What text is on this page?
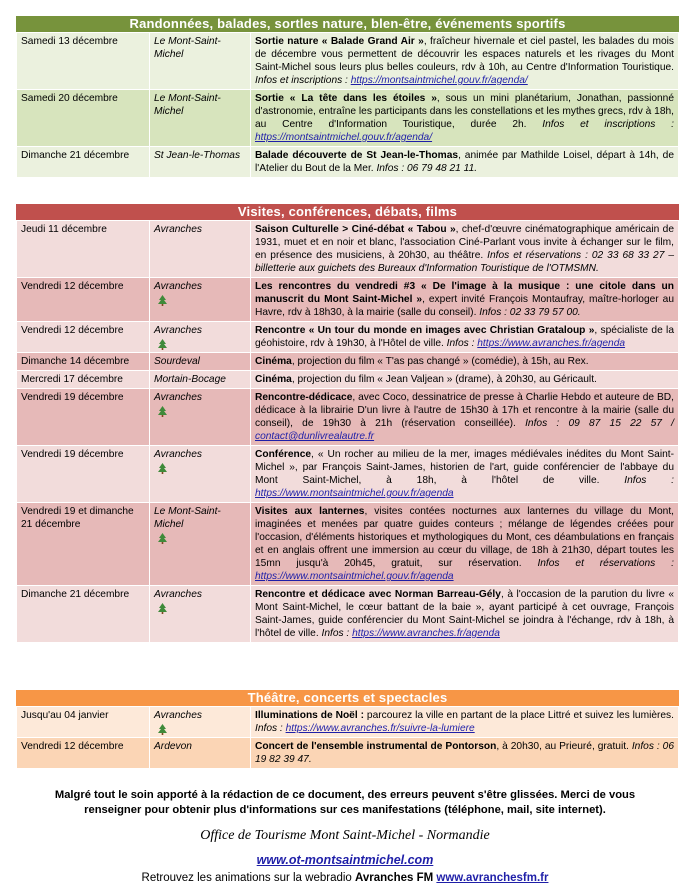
Randonnées, balades, sortles nature, blen-être, événements sportifs
Samedi 13 décembre	Le Mont-Saint-Michel	Sortie nature « Balade Grand Air », fraîcheur hivernale et ciel pastel, les balades du mois de décembre vous permettent de découvrir les espaces naturels et les rivages du Mont Saint-Michel sous leurs plus belles couleurs, rdv à 10h, au Centre d'Information Touristique. Infos et inscriptions : https://montsaintmichel.gouv.fr/agenda/
Samedi 20 décembre	Le Mont-Saint-Michel	Sortie « La tête dans les étoiles », sous un mini planétarium, Jonathan, passionné d'astronomie, entraîne les participants dans les constellations et les mythes grecs, rdv à 18h, au Centre d'Information Touristique, durée 2h. Infos et inscriptions : https://montsaintmichel.gouv.fr/agenda/
Dimanche 21 décembre	St Jean-le-Thomas	Balade découverte de St Jean-le-Thomas, animée par Mathilde Loisel, départ à 14h, de l'Atelier du Bout de la Mer. Infos : 06 79 48 21 11.
Visites, conférences, débats, films
Jeudi 11 décembre	Avranches	Saison Culturelle > Ciné-débat « Tabou », chef-d'œuvre cinématographique américain de 1931, muet et en noir et blanc, l'association Ciné-Parlant vous invite à échanger sur le film, en présence des musiciens, à 20h30, au théâtre. Infos et réservations : 02 33 68 33 27 – billetterie aux guichets des Bureaux d'Information Touristique de l'OTMSMN.
Vendredi 12 décembre	Avranches	Les rencontres du vendredi #3 « De l'image à la musique : une citole dans un manuscrit du Mont Saint-Michel », expert invité François Montaufray, maître-horloger au Havre, rdv à 18h30, à la mairie (salle du conseil). Infos : 02 33 79 57 00.
Vendredi 12 décembre	Avranches	Rencontre « Un tour du monde en images avec Christian Grataloup », spécialiste de la géohistoire, rdv à 19h30, à l'Hôtel de ville. Infos : https://www.avranches.fr/agenda
Dimanche 14 décembre	Sourdeval	Cinéma, projection du film « T'as pas changé » (comédie), à 15h, au Rex.
Mercredi 17 décembre	Mortain-Bocage	Cinéma, projection du film « Jean Valjean » (drame), à 20h30, au Géricault.
Vendredi 19 décembre	Avranches	Rencontre-dédicace, avec Coco, dessinatrice de presse à Charlie Hebdo et auteure de BD, dédicace à la librairie D'un livre à l'autre de 15h30 à 17h et rencontre à la mairie (salle du conseil), de 19h30 à 21h (réservation conseillée). Infos : 09 87 15 22 57 / contact@dunlivrealautre.fr
Vendredi 19 décembre	Avranches	Conférence, « Un rocher au milieu de la mer, images médiévales inédites du Mont Saint-Michel », par François Saint-James, historien de l'art, guide conférencier de l'abbaye du Mont Saint-Michel, à 18h, à l'hôtel de ville. Infos : https://www.montsaintmichel.gouv.fr/agenda
Vendredi 19 et dimanche 21 décembre	Le Mont-Saint-Michel	Visites aux lanternes, visites contées nocturnes aux lanternes du village du Mont, imaginées et menées par quatre guides conteurs ; mélange de légendes créées pour l'occasion, d'éléments historiques et mythologiques du Mont, ces déambulations en français et en anglais offrent une immersion au cœur du village, de 18h à 21h30, départ toutes les 15mn jusqu'à 20h45, gratuit, sur réservation. Infos et réservations : https://www.montsaintmichel.gouv.fr/agenda
Dimanche 21 décembre	Avranches	Rencontre et dédicace avec Norman Barreau-Gély, à l'occasion de la parution du livre « Mont Saint-Michel, le cœur battant de la baie », ayant participé à cet ouvrage, François Saint-James, guide conférencier du Mont Saint-Michel se joindra à l'échange, rdv à 18h, à l'hôtel de ville. Infos : https://www.avranches.fr/agenda
Théâtre, concerts et spectacles
Jusqu'au 04 janvier	Avranches	Illuminations de Noël : parcourez la ville en partant de la place Littré et suivez les lumières. Infos : https://www.avranches.fr/suivre-la-lumiere
Vendredi 12 décembre	Ardevon	Concert de l'ensemble instrumental de Pontorson, à 20h30, au Prieuré, gratuit. Infos : 06 19 82 39 47.
Malgré tout le soin apporté à la rédaction de ce document, des erreurs peuvent s'être glissées. Merci de vous renseigner pour obtenir plus d'informations sur ces manifestations (téléphone, mail, site internet).
Office de Tourisme Mont Saint-Michel - Normandie
www.ot-montsaintmichel.com
Retrouvez les animations sur la webradio Avranches FM www.avranchesfm.fr
